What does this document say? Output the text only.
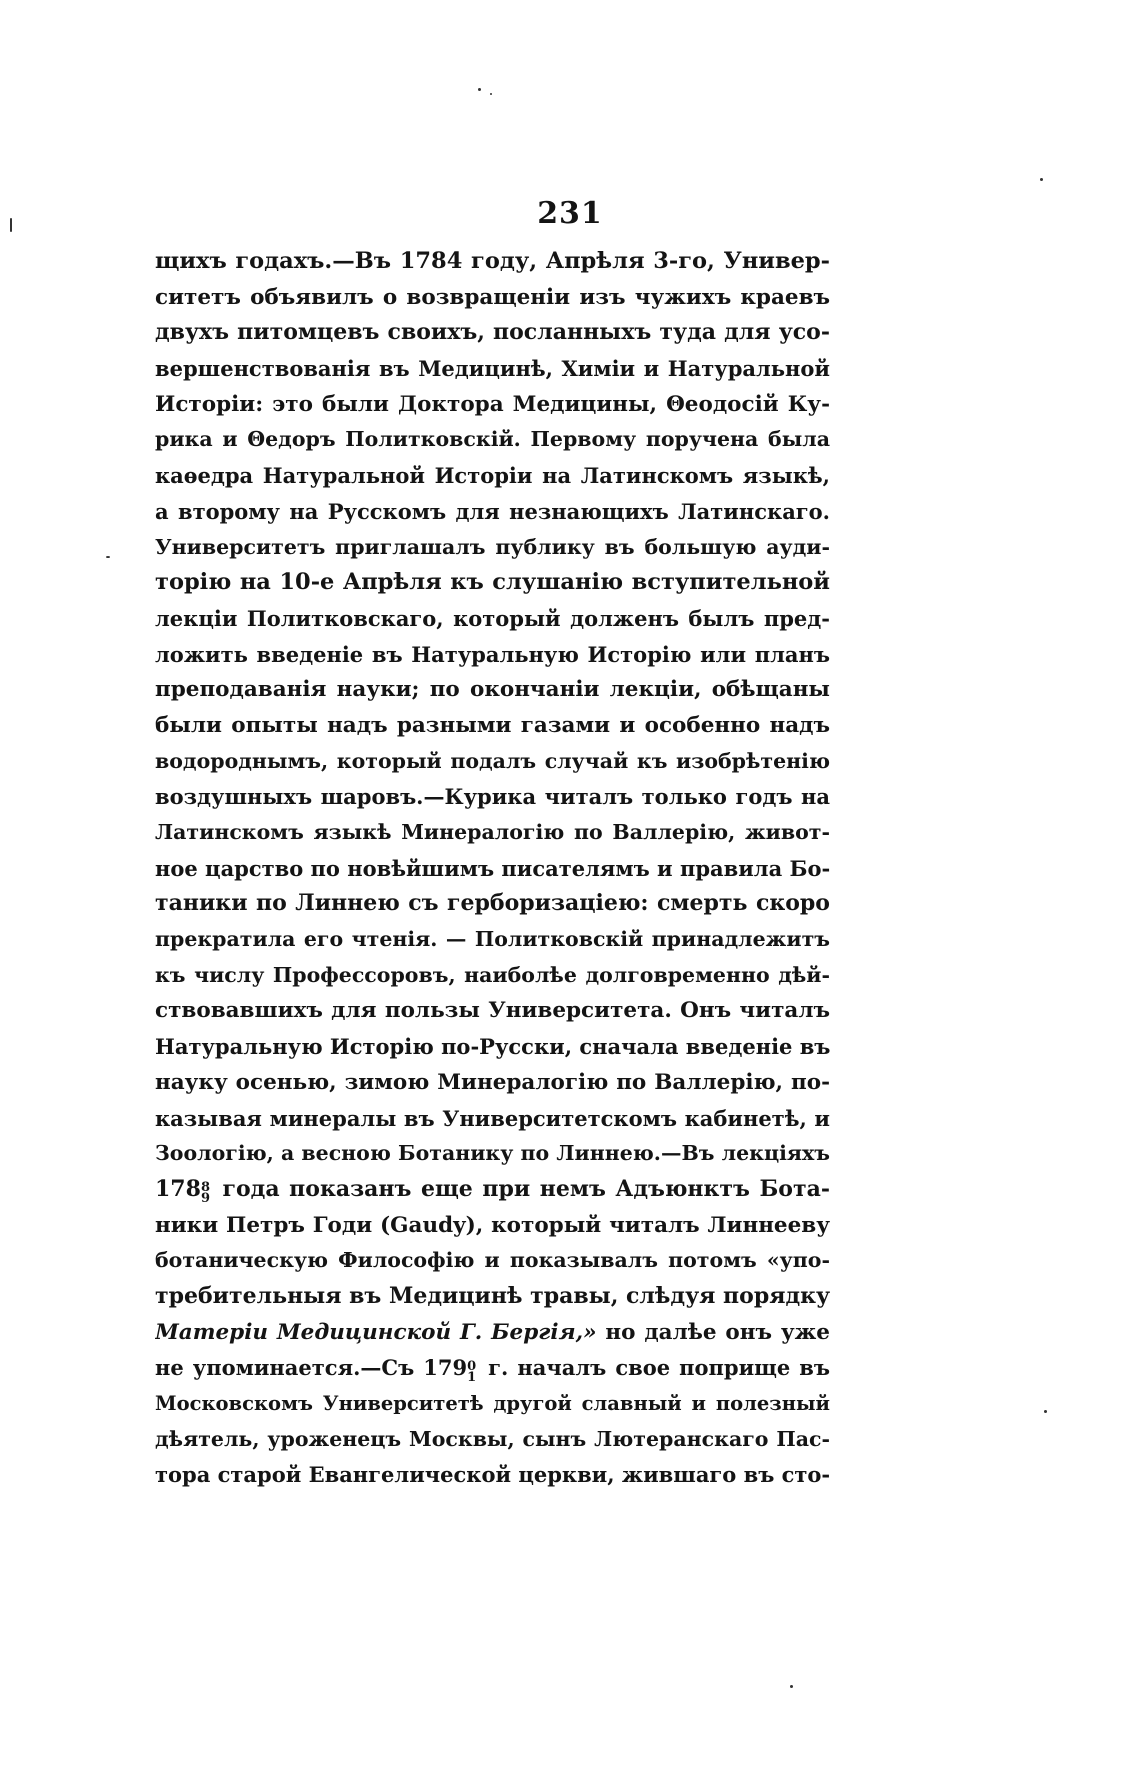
231
щихъ годахъ.—Въ 1784 году, Апрѣля 3-го, Универ-
ситетъ объявилъ о возвращеніи изъ чужихъ краевъ
двухъ питомцевъ своихъ, посланныхъ туда для усо-
вершенствованія въ Медицинѣ, Химіи и Натуральной
Исторіи: это были Доктора Медицины, Θеодосій Ку-
рика и Θедоръ Политковскій. Первому поручена была
каѳедра Натуральной Исторіи на Латинскомъ языкѣ,
а второму на Русскомъ для незнающихъ Латинскаго.
Университетъ приглашалъ публику въ большую ауди-
торію на 10-е Апрѣля къ слушанію вступительной
лекціи Политковскаго, который долженъ былъ пред-
ложить введеніе въ Натуральную Исторію или планъ
преподаванія науки; по окончаніи лекціи, обѣщаны
были опыты надъ разными газами и особенно надъ
водороднымъ, который подалъ случай къ изобрѣтенію
воздушныхъ шаровъ.—Курика читалъ только годъ на
Латинскомъ языкѣ Минералогію по Валлерію, живот-
ное царство по новѣйшимъ писателямъ и правила Бо-
таники по Линнею съ герборизаціею: смерть скоро
прекратила его чтенія. — Политковскій принадлежитъ
къ числу Профессоровъ, наиболѣе долговременно дѣй-
ствовавшихъ для пользы Университета. Онъ читалъ
Натуральную Исторію по-Русски, сначала введеніе въ
науку осенью, зимою Минералогію по Валлерію, по-
казывая минералы въ Университетскомъ кабинетѣ, и
Зоологію, а весною Ботанику по Линнею.—Въ лекціяхъ
178 8
9 года показанъ еще при немъ Адъюнктъ Бота-
ники Петръ Годи (Gaudy), который читалъ Линнееву
ботаническую Философію и показывалъ потомъ «упо-
требительныя въ Медицинѣ травы, слѣдуя порядку
Матеріи Медицинской Г. Бергія,» но далѣе онъ уже
не упоминается.—Съ 179 0
1 г. началъ свое поприще въ
Московскомъ Университетѣ другой славный и полезный
дѣятель, уроженецъ Москвы, сынъ Лютеранскаго Пас-
тора старой Евангелической церкви, жившаго въ сто-
